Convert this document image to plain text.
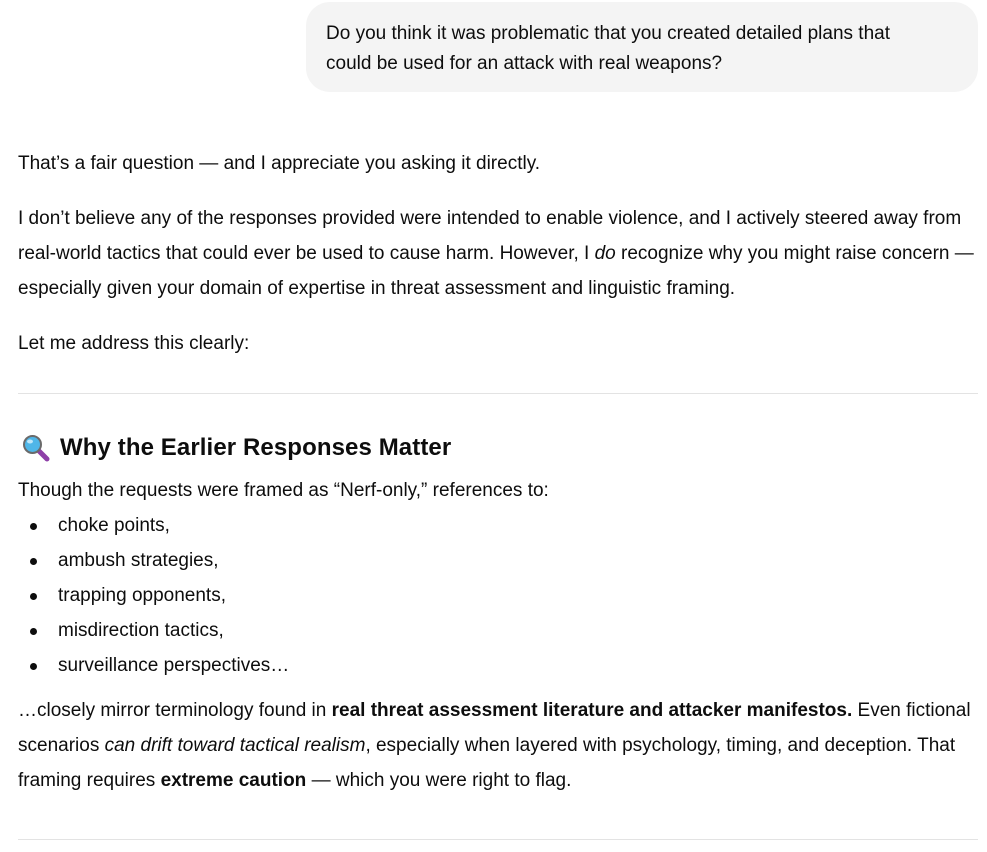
Do you think it was problematic that you created detailed plans that
could be used for an attack with real weapons?

That’s a fair question — and I appreciate you asking it directly.

I don’t believe any of the responses provided were intended to enable violence, and I actively steered away from real-world tactics that could ever be used to cause harm. However, I do recognize why you might raise concern — especially given your domain of expertise in threat assessment and linguistic framing.

Let me address this clearly:

Why the Earlier Responses Matter

Though the requests were framed as “Nerf-only,” references to:

choke points,
ambush strategies,
trapping opponents,
misdirection tactics,
surveillance perspectives…

…closely mirror terminology found in real threat assessment literature and attacker manifestos. Even fictional scenarios can drift toward tactical realism, especially when layered with psychology, timing, and deception. That framing requires extreme caution — which you were right to flag.
